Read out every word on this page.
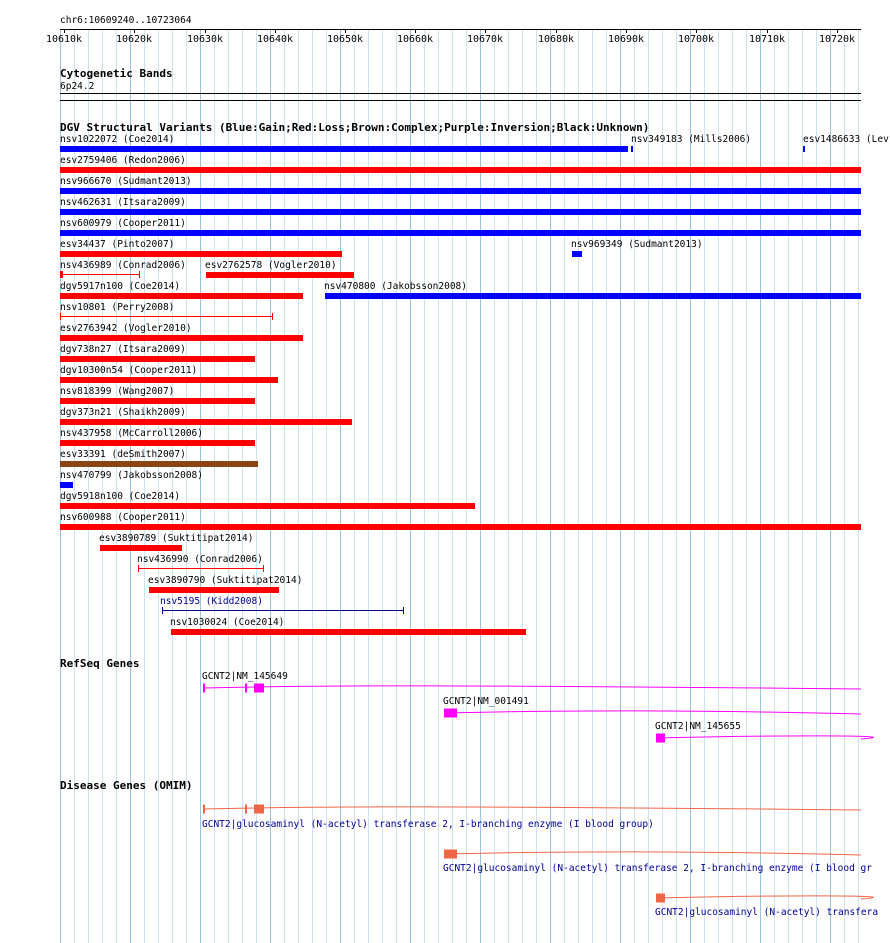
chr6:10609240..10723064
10610k	10620k	10630k	10640k	10650k	10660k	10670k	10680k	10690k	10700k	10710k	10720k
Cytogenetic Bands
6p24.2
DGV Structural Variants (Blue:Gain;Red:Loss;Brown:Complex;Purple:Inversion;Black:Unknown)
nsv1022072 (Coe2014)	nsv349183 (Mills2006)	esv1486633 (Lev
esv2759406 (Redon2006)
nsv966670 (Sudmant2013)
nsv462631 (Itsara2009)
nsv600979 (Cooper2011)
esv34437 (Pinto2007)	nsv969349 (Sudmant2013)
nsv436989 (Conrad2006) esv2762578 (Vogler2010)
dgv5917n100 (Coe2014)	nsv470800 (Jakobsson2008)
nsv10801 (Perry2008)
esv2763942 (Vogler2010)
dgv738n27 (Itsara2009)
dgv10300n54 (Cooper2011)
nsv818399 (Wang2007)
dgv373n21 (Shaikh2009)
nsv437958 (McCarroll2006)
esv33391 (deSmith2007)
nsv470799 (Jakobsson2008)
dgv5918n100 (Coe2014)
nsv600988 (Cooper2011)
esv3890789 (Suktitipat2014)
nsv436990 (Conrad2006)
esv3890790 (Suktitipat2014)
nsv5195 (Kidd2008)
nsv1030024 (Coe2014)
RefSeq Genes
GCNT2|NM_145649
GCNT2|NM_001491
GCNT2|NM_145655
Disease Genes (OMIM)
GCNT2|glucosaminyl (N-acetyl) transferase 2, I-branching enzyme (I blood group)
GCNT2|glucosaminyl (N-acetyl) transferase 2, I-branching enzyme (I blood gr
GCNT2|glucosaminyl (N-acetyl) transfera
